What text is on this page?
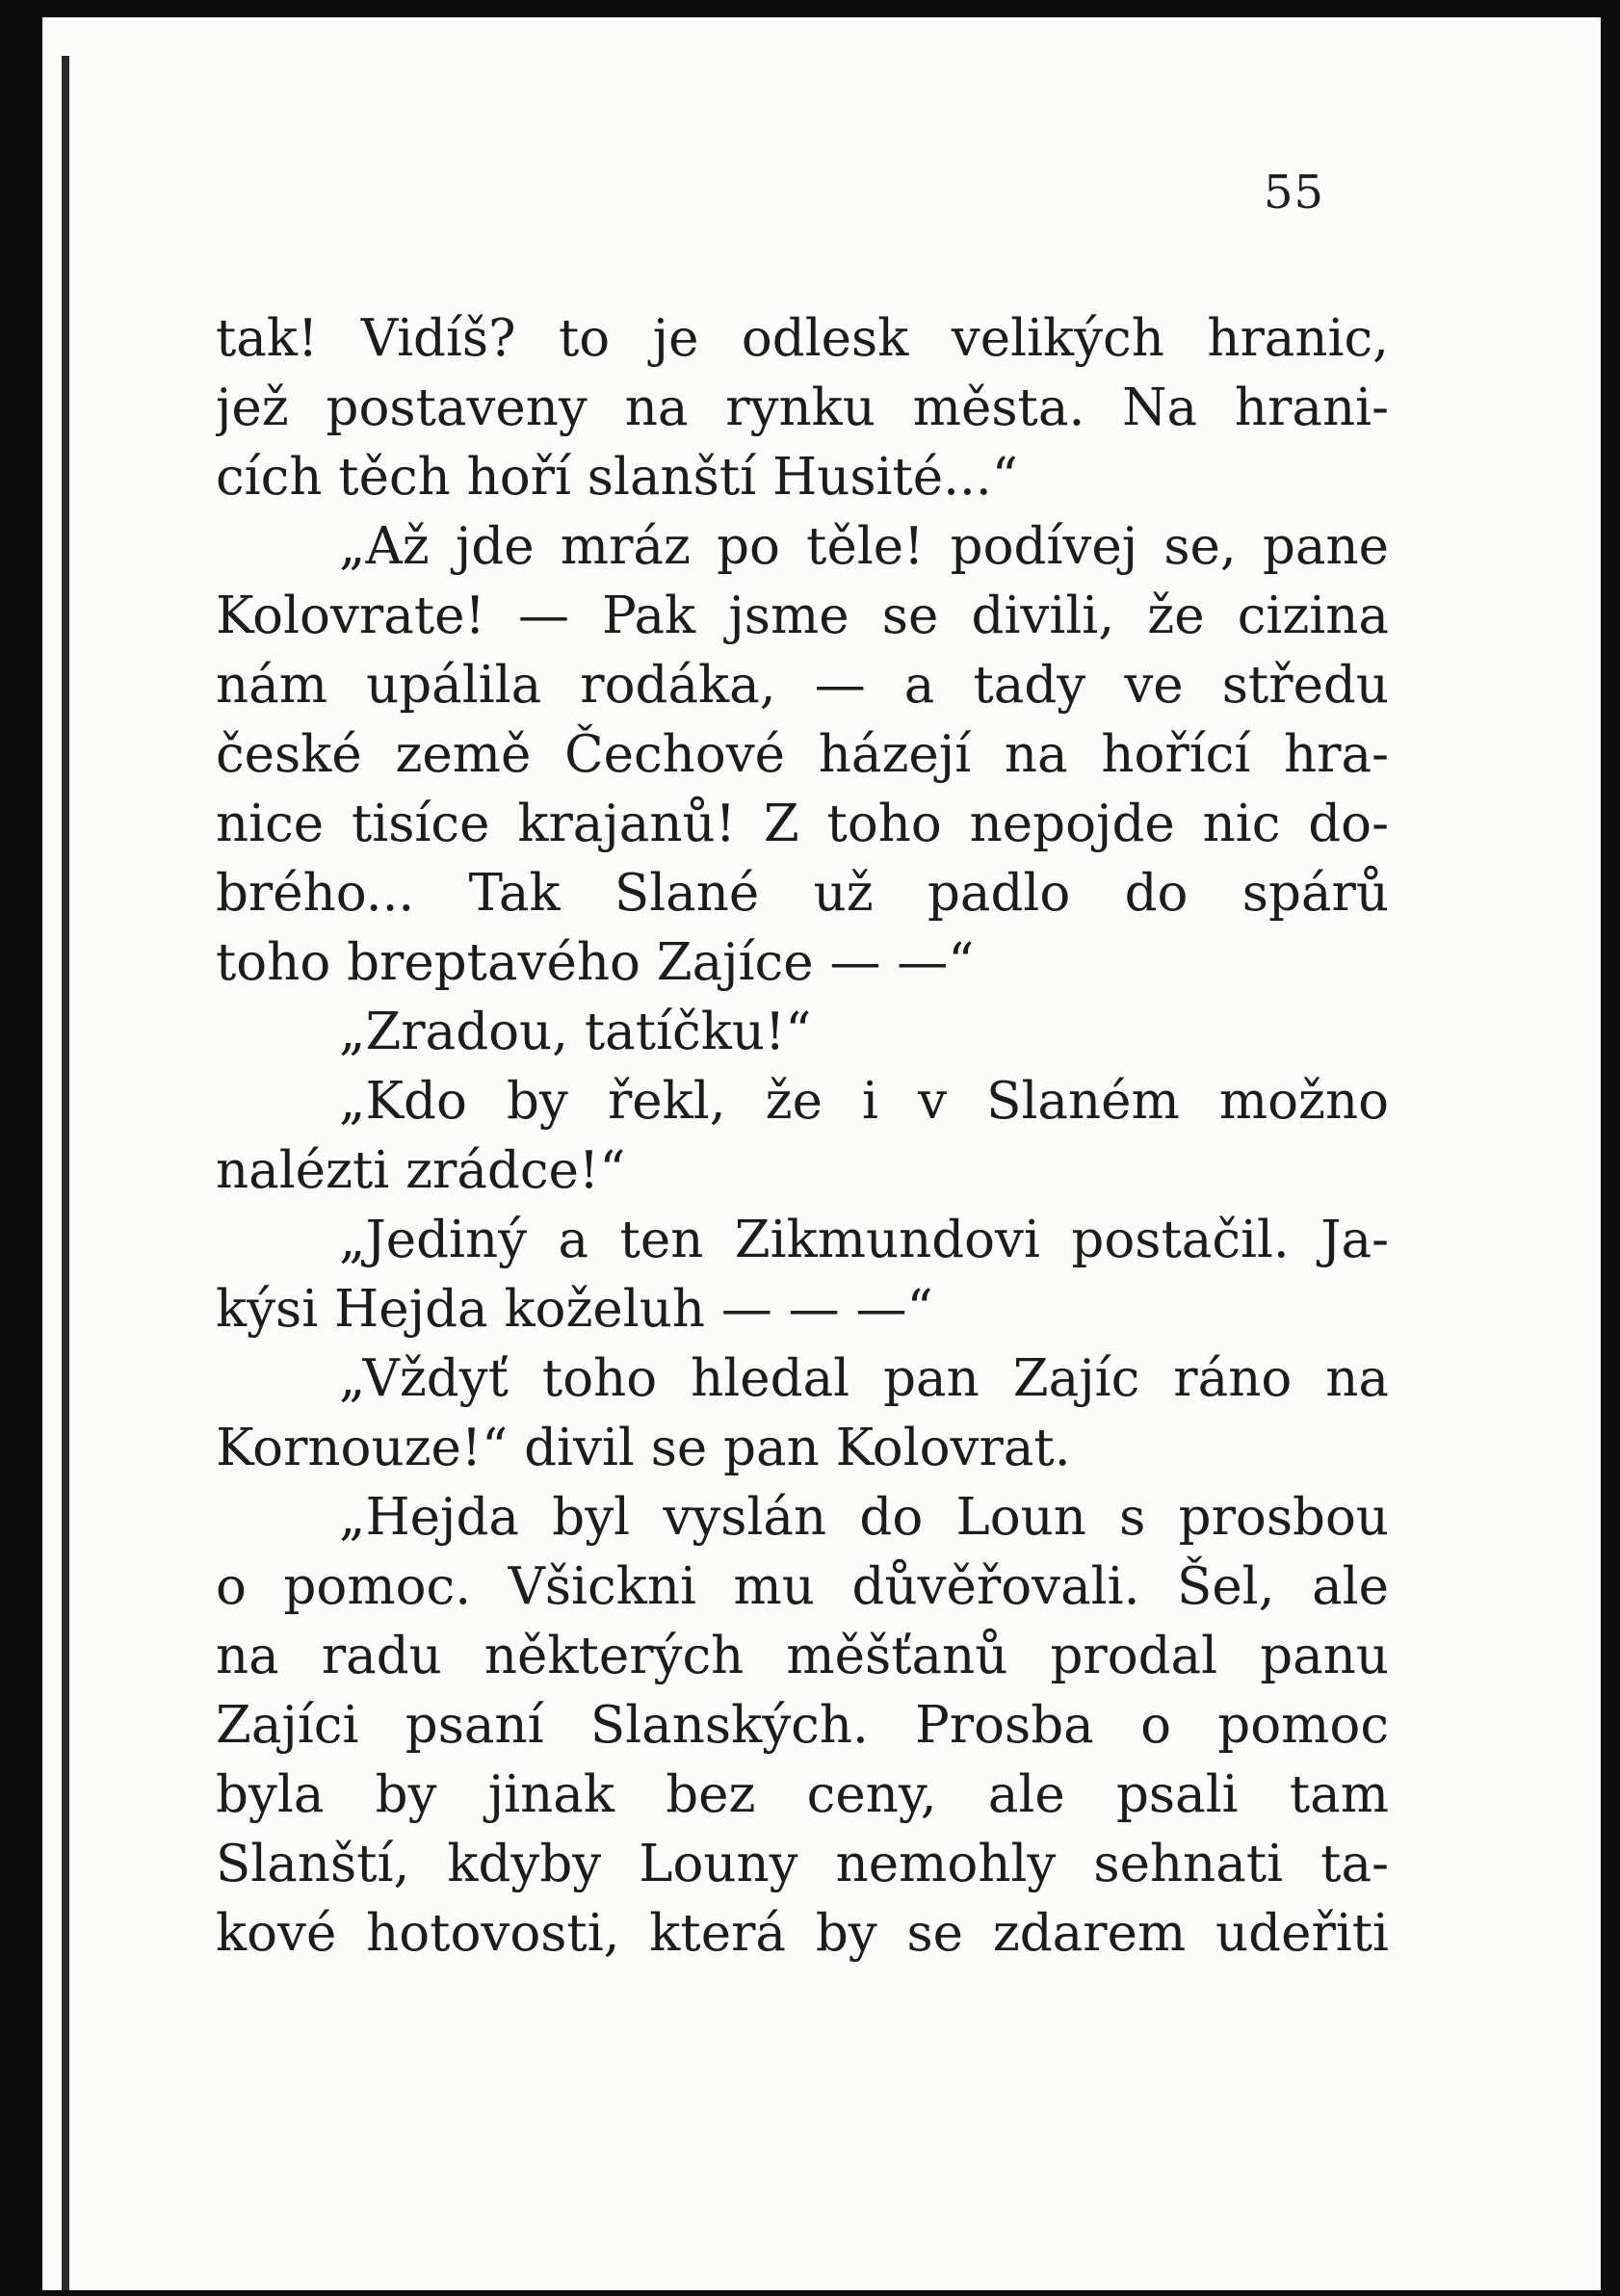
55
tak! Vidíš? to je odlesk velikých hranic,
jež postaveny na rynku města. Na hrani-
cích těch hoří slanští Husité...“
„Až jde mráz po těle! podívej se, pane
Kolovrate! — Pak jsme se divili, že cizina
nám upálila rodáka, — a tady ve středu
české země Čechové házejí na hořící hra-
nice tisíce krajanů! Z toho nepojde nic do-
brého... Tak Slané už padlo do spárů
toho breptavého Zajíce — —“
„Zradou, tatíčku!“
„Kdo by řekl, že i v Slaném možno
nalézti zrádce!“
„Jediný a ten Zikmundovi postačil. Ja-
kýsi Hejda koželuh — — —“
„Vždyť toho hledal pan Zajíc ráno na
Kornouze!“ divil se pan Kolovrat.
„Hejda byl vyslán do Loun s prosbou
o pomoc. Všickni mu důvěřovali. Šel, ale
na radu některých měšťanů prodal panu
Zajíci psaní Slanských. Prosba o pomoc
byla by jinak bez ceny, ale psali tam
Slanští, kdyby Louny nemohly sehnati ta-
kové hotovosti, která by se zdarem udeřiti
